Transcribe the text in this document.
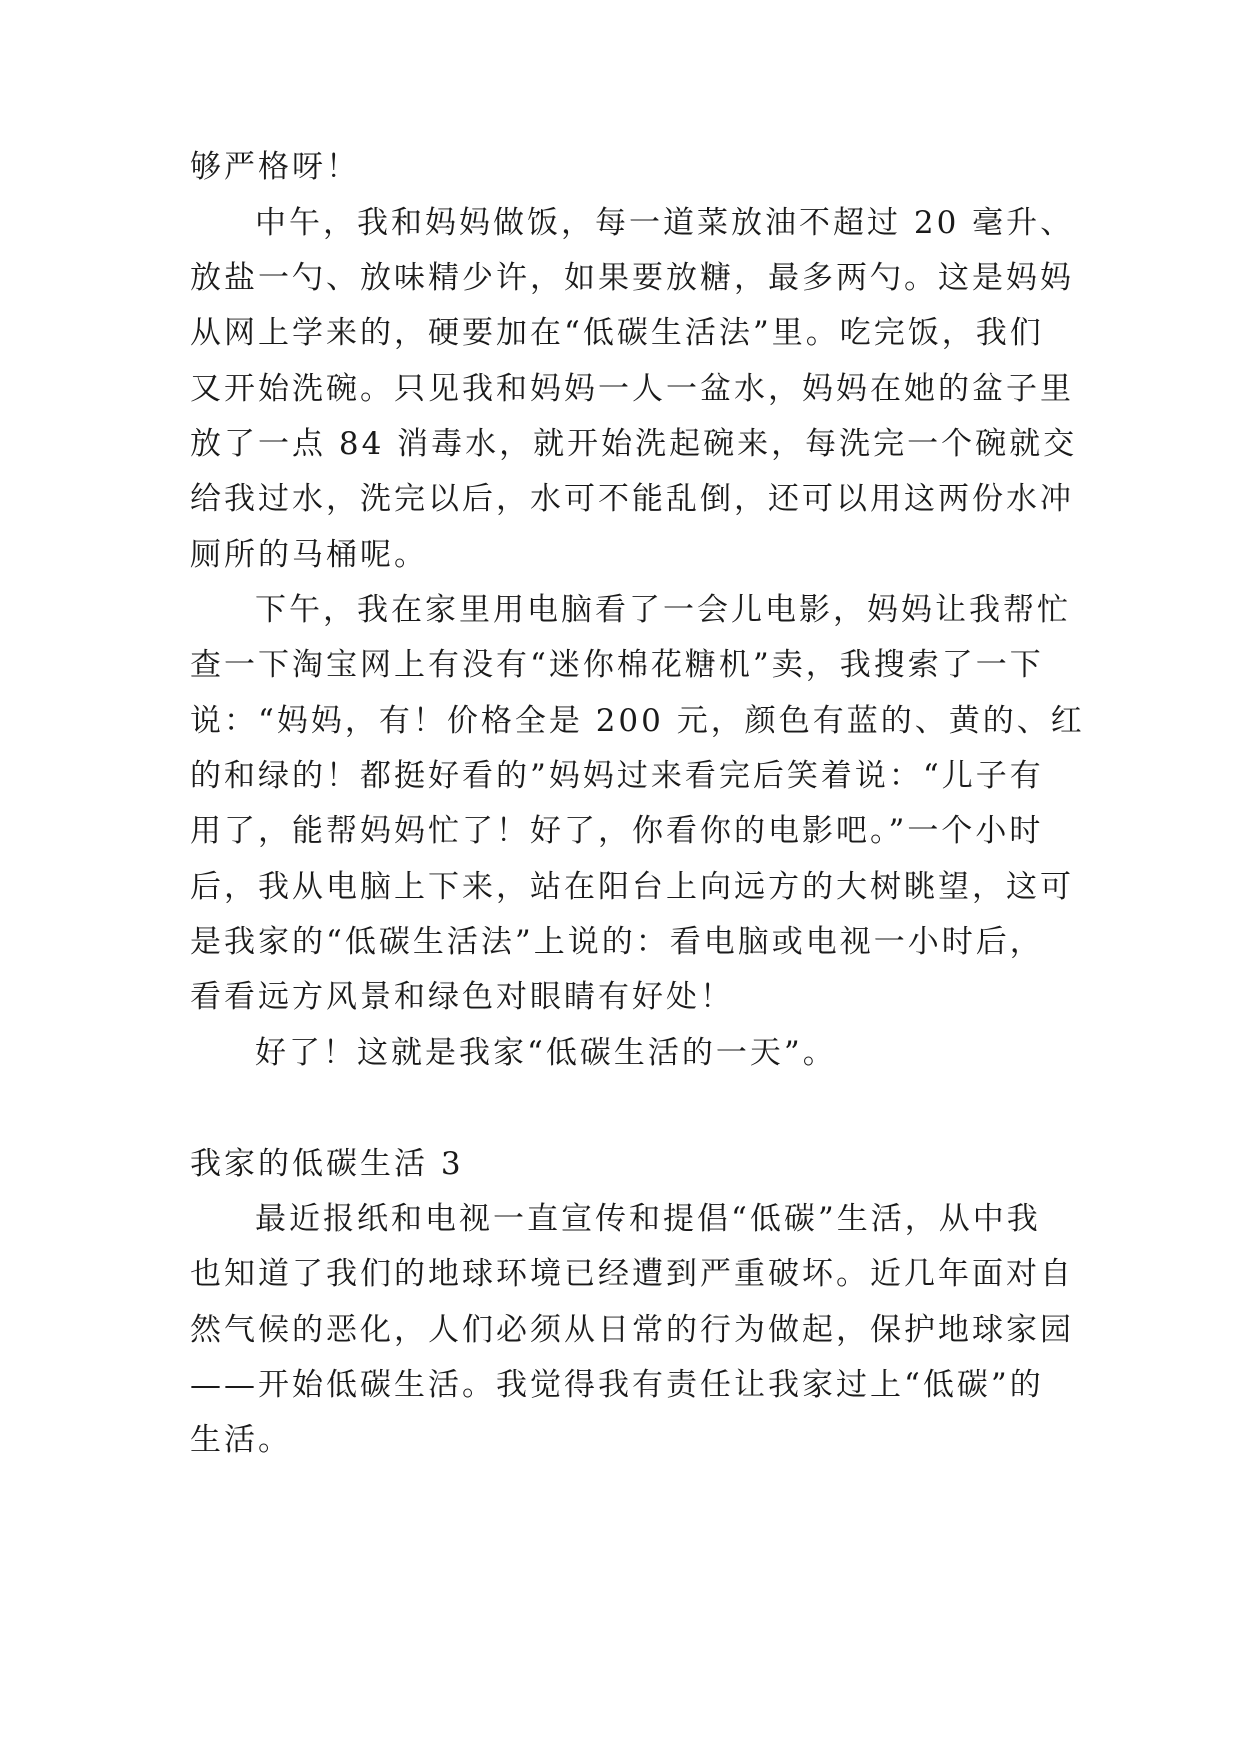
够严格呀！
中午，我和妈妈做饭，每一道菜放油不超过 20 毫升、
放盐一勺、放味精少许，如果要放糖，最多两勺。这是妈妈
从网上学来的，硬要加在“低碳生活法”里。吃完饭，我们
又开始洗碗。只见我和妈妈一人一盆水，妈妈在她的盆子里
放了一点 84 消毒水，就开始洗起碗来，每洗完一个碗就交
给我过水，洗完以后，水可不能乱倒，还可以用这两份水冲
厕所的马桶呢。
下午，我在家里用电脑看了一会儿电影，妈妈让我帮忙
查一下淘宝网上有没有“迷你棉花糖机”卖，我搜索了一下
说：“妈妈，有！价格全是 200 元，颜色有蓝的、黄的、红
的和绿的！都挺好看的”妈妈过来看完后笑着说：“儿子有
用了，能帮妈妈忙了！好了，你看你的电影吧。”一个小时
后，我从电脑上下来，站在阳台上向远方的大树眺望，这可
是我家的“低碳生活法”上说的：看电脑或电视一小时后，
看看远方风景和绿色对眼睛有好处！
好了！这就是我家“低碳生活的一天”。
我家的低碳生活 3
最近报纸和电视一直宣传和提倡“低碳”生活，从中我
也知道了我们的地球环境已经遭到严重破坏。近几年面对自
然气候的恶化，人们必须从日常的行为做起，保护地球家园
——开始低碳生活。我觉得我有责任让我家过上“低碳”的
生活。
